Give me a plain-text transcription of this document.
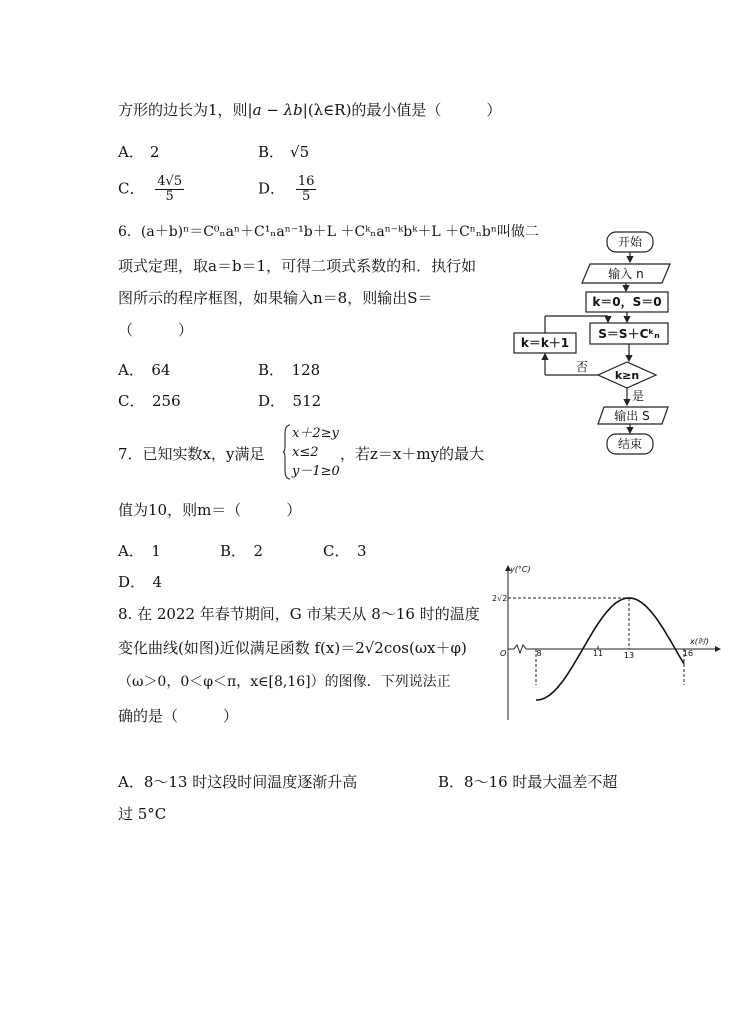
方形的边长为1，则|a − λb|(λ∈R)的最小值是（　　　）
A． 2	B． √5
C． $\frac{4√5}{5}$	D． $\frac{16}{5}$
6．(a＋b)ⁿ＝C⁰ₙaⁿ＋C¹ₙaⁿ⁻¹b＋L ＋Cᵏₙaⁿ⁻ᵏbᵏ＋L ＋Cⁿₙbⁿ叫做二
项式定理，取a＝b＝1，可得二项式系数的和．执行如
图所示的程序框图，如果输入n＝8，则输出S＝
（　　　）
A．　64	B．　128
C．　256	D．　512
开始
输入 n
k＝0，S＝0
S＝S＋Cᵏₙ
k≥n
k＝k＋1
否
是
输出 S
结束
7．已知实数x，y满足
x＋2≥y
x≤2
y－1≥0
，若z＝x＋my的最大
值为10，则m＝（　　　）
A．　1	B．　2	C．　3
D．　4
8. 在 2022 年春节期间，G 市某天从 8～16 时的温度
变化曲线(如图)近似满足函数 f(x)＝2√2cos(ωx＋φ)
（ω＞0，0＜φ＜π，x∈[8,16]）的图像．下列说法正
确的是（　　　）
A．8～13 时这段时间温度逐渐升高	B．8～16 时最大温差不超
过 5°C
y(°C)
x(时)
2√2
O	8	11	13	16
